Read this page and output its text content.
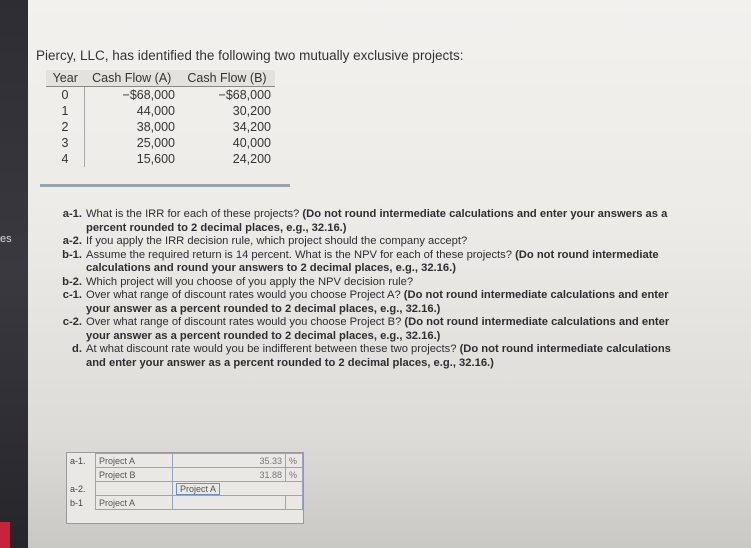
es
Piercy, LLC, has identified the following two mutually exclusive projects:
Year	Cash Flow (A)	Cash Flow (B)
0	−$68,000	−$68,000
1	44,000	30,200
2	38,000	34,200
3	25,000	40,000
4	15,600	24,200
a-1. What is the IRR for each of these projects? (Do not round intermediate calculations and enter your answers as a percent rounded to 2 decimal places, e.g., 32.16.)
a-2. If you apply the IRR decision rule, which project should the company accept?
b-1. Assume the required return is 14 percent. What is the NPV for each of these projects? (Do not round intermediate calculations and round your answers to 2 decimal places, e.g., 32.16.)
b-2. Which project will you choose of you apply the NPV decision rule?
c-1. Over what range of discount rates would you choose Project A? (Do not round intermediate calculations and enter your answer as a percent rounded to 2 decimal places, e.g., 32.16.)
c-2. Over what range of discount rates would you choose Project B? (Do not round intermediate calculations and enter your answer as a percent rounded to 2 decimal places, e.g., 32.16.)
d. At what discount rate would you be indifferent between these two projects? (Do not round intermediate calculations and enter your answer as a percent rounded to 2 decimal places, e.g., 32.16.)
a-1.	Project A	35.33	%
	Project B	31.88	%
a-2.		Project A	
b-1	Project A		
